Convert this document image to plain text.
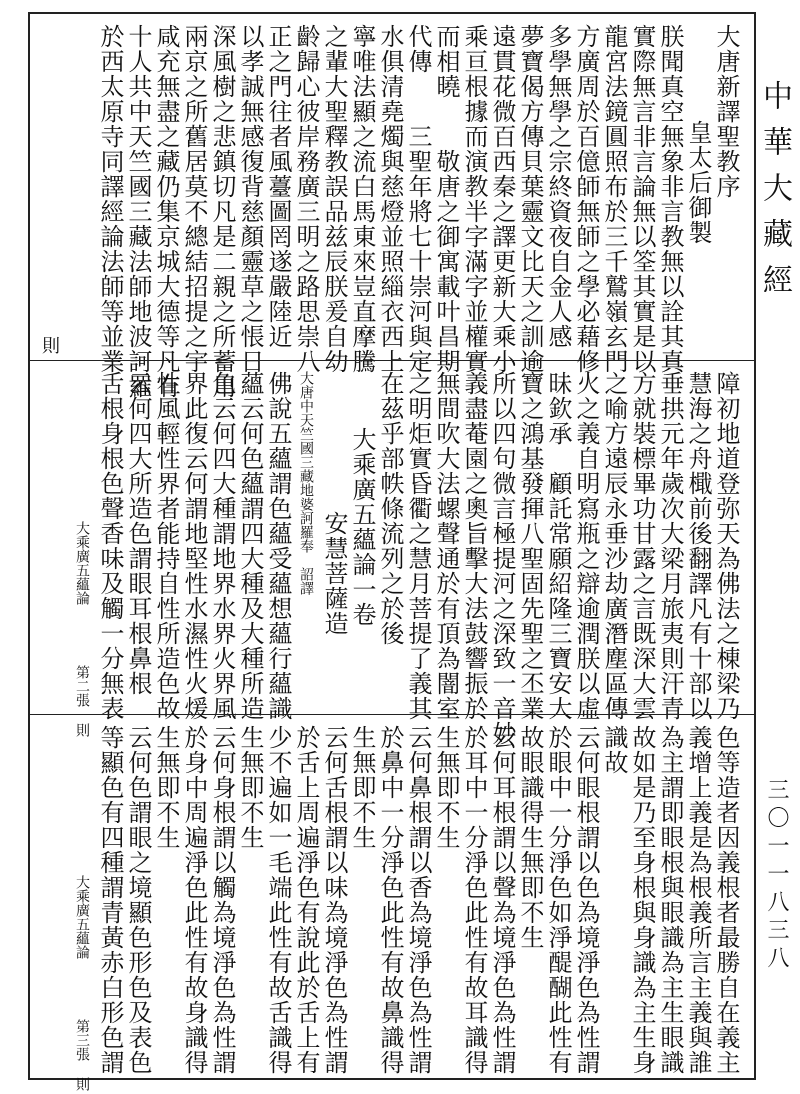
中華大藏經
三〇一一八三八
大唐新譯聖教序
皇太后御製
朕聞真空無象非言教無以詮其真
實際無言非言論無以筌其實是以
龍宮法鏡圓照布於三千鷲嶺玄門
方廣周於百億師無師之學必藉修
多學無學之宗終資夜自金人感
夢寶偈方傳貝葉靈文比天之訓逾
遠貫花微百西秦之譯更新大乘小
乘亘根據而演教半字滿字並權實
而相曉　　敬唐之御寓載叶昌期
代傳　　三聖年將七十崇河與定
水俱清堯燭與慈燈並照緇衣西上
寧唯法顯之流白馬東來豈直摩騰
之輩大聖釋教誤品兹辰朕爰自幼
齡歸心彼岸務廣三明之路思崇八
正之門往者風薹圖罔遂嚴陸近
以孝誠無感復背慈顏靈草之悵日
深風樹之悲鎮切凡是二親之所蓄用
兩京之所舊居莫不總結招提之宇
咸充無盡之藏仍集京城大德等凡有
十人共中天竺國三藏法師地波訶羅
於西太原寺同譯經論法師等並業
則
障初地道登弥天為佛法之棟梁乃
慧海之舟檝前後翻譯凡有十部以
垂拱元年歲次大梁月旅夷則汗青
方就裝標畢功甘露之言既深大雲
之喻方遠辰永垂沙劫廣潛塵區傳
火之義自明寫瓶之辯逾潤朕以虛
昧欽承　顧託常願紹隆三寶安大
寶之鴻基發揮八聖固先聖之丕業
所以四句微言極提河之深致一音妙
義盡菴園之奧旨擊大法鼓響振於
無間吹大法螺聲通於有頂為闇室
之明炬實昏衢之慧月菩提了義其
在茲乎部帙條流列之於後
大乘廣五蘊論一卷
安慧菩薩造
大唐中天竺國三藏地婆訶羅奉　詔譯
佛說五蘊謂色蘊受蘊想蘊行蘊識
蘊云何色蘊謂四大種及大種所造
色云何四大種謂地界水界火界風
界此復云何謂地堅性水濕性火煖
性風輕性界者能持自性所造色故
云何四大所造色謂眼耳根鼻根
舌根身根色聲香味及觸一分無表
大乘廣五蘊論第二張則	色等造者因義根者最勝自在義主
義增上義是為根義所言主義與誰
為主謂即眼根與眼識為主生眼識
故如是乃至身根與身識為主生身
識故
云何眼根謂以色為境淨色為性謂
於眼中一分淨色如淨醍醐此性有
故眼識得生無即不生
云何耳根謂以聲為境淨色為性謂
於耳中一分淨色此性有故耳識得
生無即不生
云何鼻根謂以香為境淨色為性謂
於鼻中一分淨色此性有故鼻識得
生無即不生
云何舌根謂以味為境淨色為性謂
於舌上周遍淨色有說此於舌上有
少不遍如一毛端此性有故舌識得
生無即不生
云何身根謂以觸為境淨色為性謂
於身中周遍淨色此性有故身識得
生無即不生
云何色謂眼之境顯色形色及表色
等顯色有四種謂青黃赤白形色謂
大乘廣五蘊論第三張則
